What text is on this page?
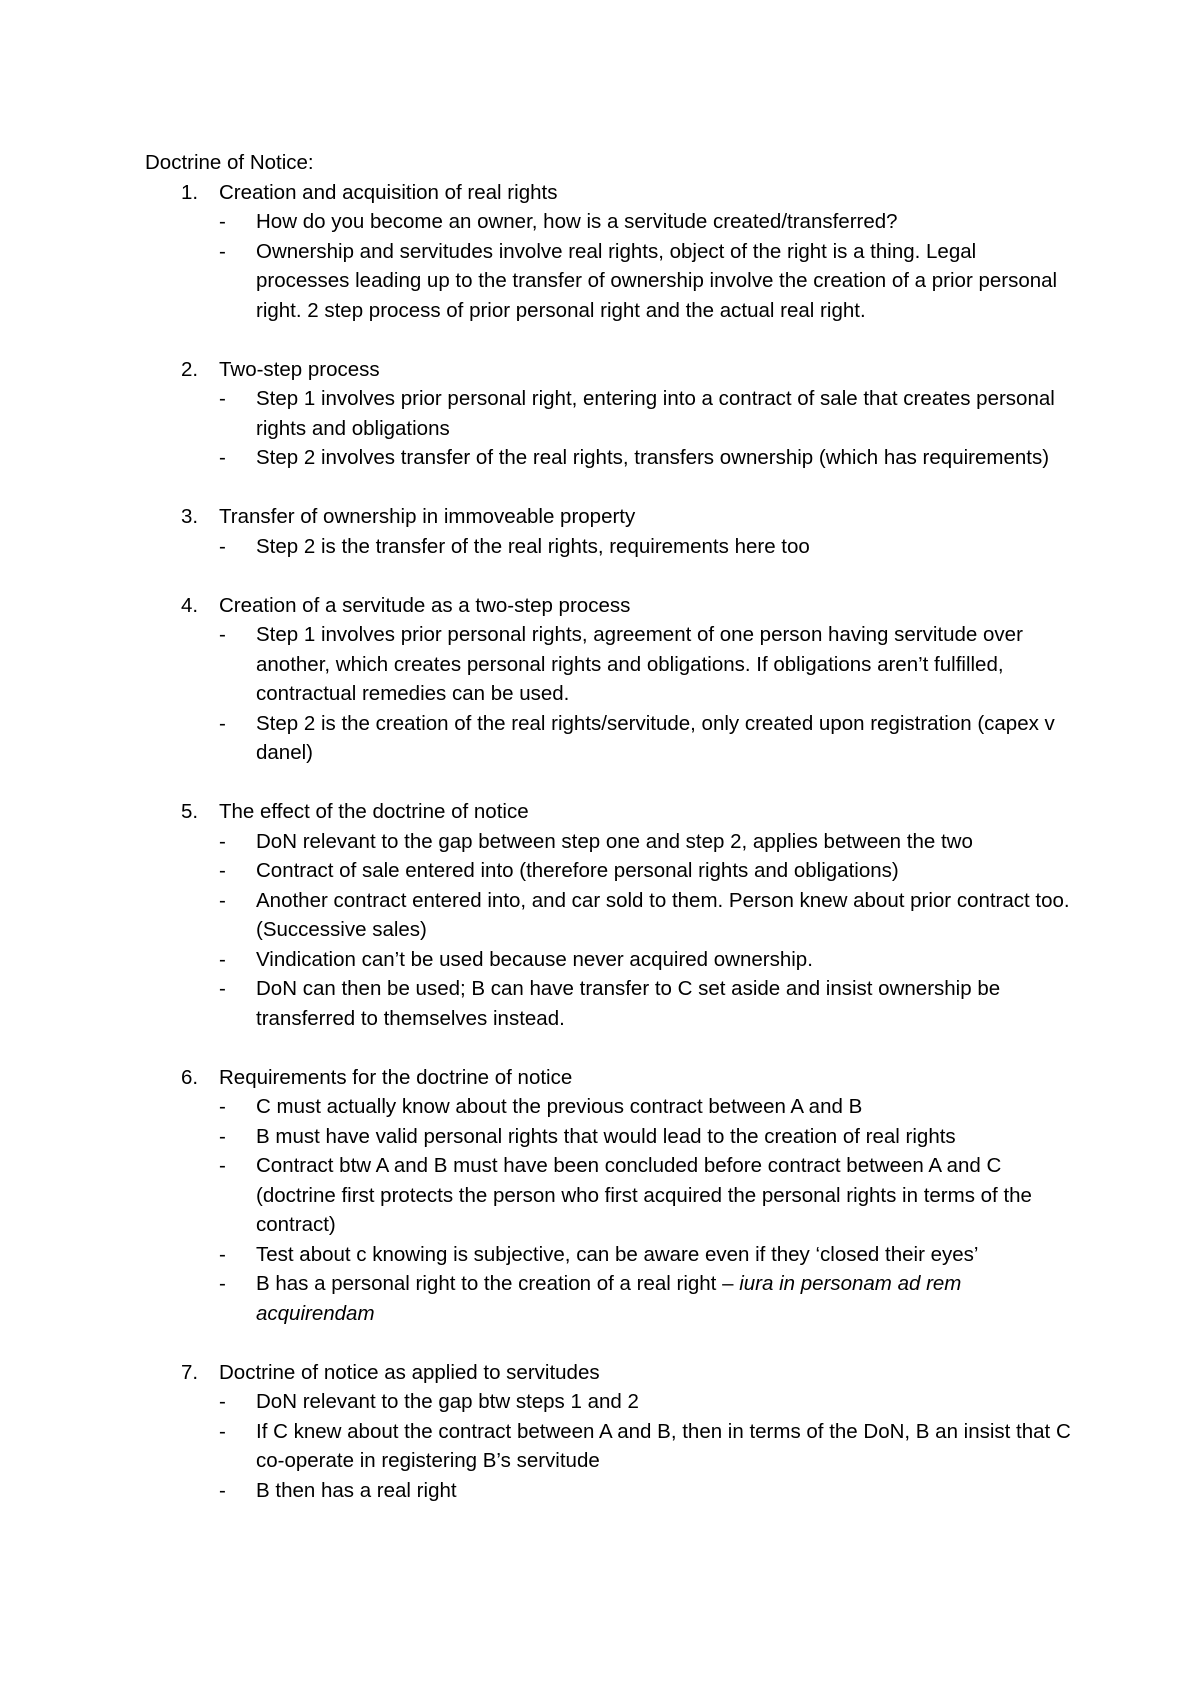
Doctrine of Notice:

1. Creation and acquisition of real rights

- How do you become an owner, how is a servitude created/transferred?
- Ownership and servitudes involve real rights, object of the right is a thing. Legal processes leading up to the transfer of ownership involve the creation of a prior personal right. 2 step process of prior personal right and the actual real right.
2. Two-step process

- Step 1 involves prior personal right, entering into a contract of sale that creates personal rights and obligations
- Step 2 involves transfer of the real rights, transfers ownership (which has requirements)
3. Transfer of ownership in immoveable property

- Step 2 is the transfer of the real rights, requirements here too
4. Creation of a servitude as a two-step process

- Step 1 involves prior personal rights, agreement of one person having servitude over another, which creates personal rights and obligations. If obligations aren’t fulfilled, contractual remedies can be used.
- Step 2 is the creation of the real rights/servitude, only created upon registration (capex v danel)
5. The effect of the doctrine of notice

- DoN relevant to the gap between step one and step 2, applies between the two
- Contract of sale entered into (therefore personal rights and obligations)
- Another contract entered into, and car sold to them. Person knew about prior contract too. (Successive sales)
- Vindication can’t be used because never acquired ownership.
- DoN can then be used; B can have transfer to C set aside and insist ownership be transferred to themselves instead.
6. Requirements for the doctrine of notice

- C must actually know about the previous contract between A and B
- B must have valid personal rights that would lead to the creation of real rights
- Contract btw A and B must have been concluded before contract between A and C (doctrine first protects the person who first acquired the personal rights in terms of the contract)
- Test about c knowing is subjective, can be aware even if they ‘closed their eyes’
- B has a personal right to the creation of a real right – iura in personam ad rem acquirendam
7. Doctrine of notice as applied to servitudes

- DoN relevant to the gap btw steps 1 and 2
- If C knew about the contract between A and B, then in terms of the DoN, B an insist that C co-operate in registering B’s servitude
- B then has a real right
